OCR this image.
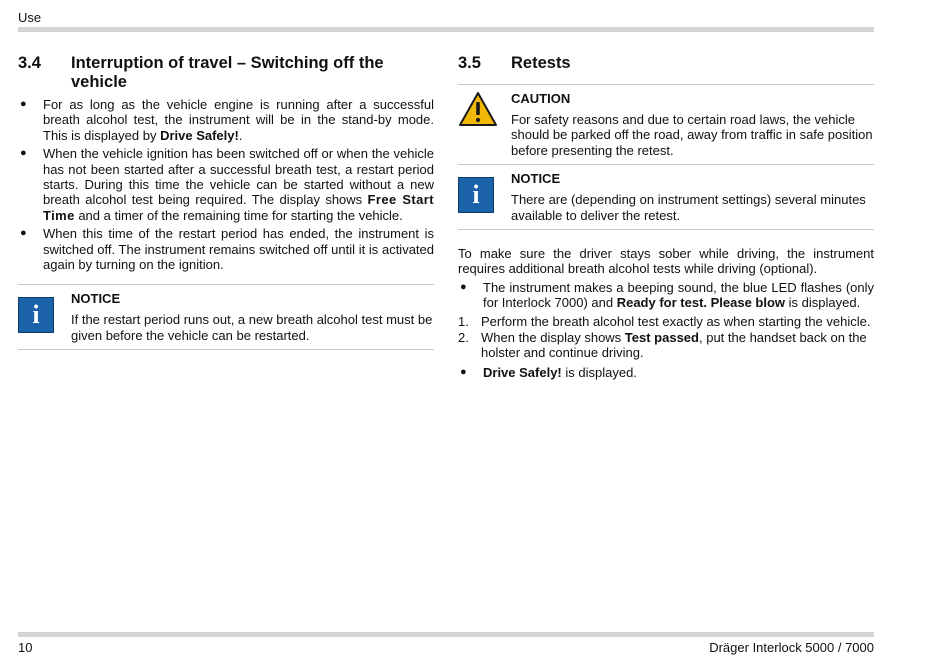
Use
3.4	Interruption of travel – Switching off the vehicle
●	For as long as the vehicle engine is running after a successful breath alcohol test, the instrument will be in the stand-by mode. This is displayed by Drive Safely!.
●	When the vehicle ignition has been switched off or when the vehicle has not been started after a successful breath test, a restart period starts. During this time the vehicle can be started without a new breath alcohol test being required. The display shows Free Start Time and a timer of the remaining time for starting the vehicle.
●	When this time of the restart period has ended, the instrument is switched off. The instrument remains switched off until it is activated again by turning on the ignition.
i
NOTICE
If the restart period runs out, a new breath alcohol test must be given before the vehicle can be restarted.
3.5	Retests
CAUTION
For safety reasons and due to certain road laws, the vehicle should be parked off the road, away from traffic in safe position before presenting the retest.
i
NOTICE
There are (depending on instrument settings) several minutes available to deliver the retest.
To make sure the driver stays sober while driving, the instrument requires additional breath alcohol tests while driving (optional).
●	The instrument makes a beeping sound, the blue LED flashes (only for Interlock 7000) and Ready for test. Please blow is displayed.
1. Perform the breath alcohol test exactly as when starting the vehicle.
2. When the display shows Test passed, put the handset back on the holster and continue driving.
●	Drive Safely! is displayed.
10	Dräger Interlock 5000 / 7000
